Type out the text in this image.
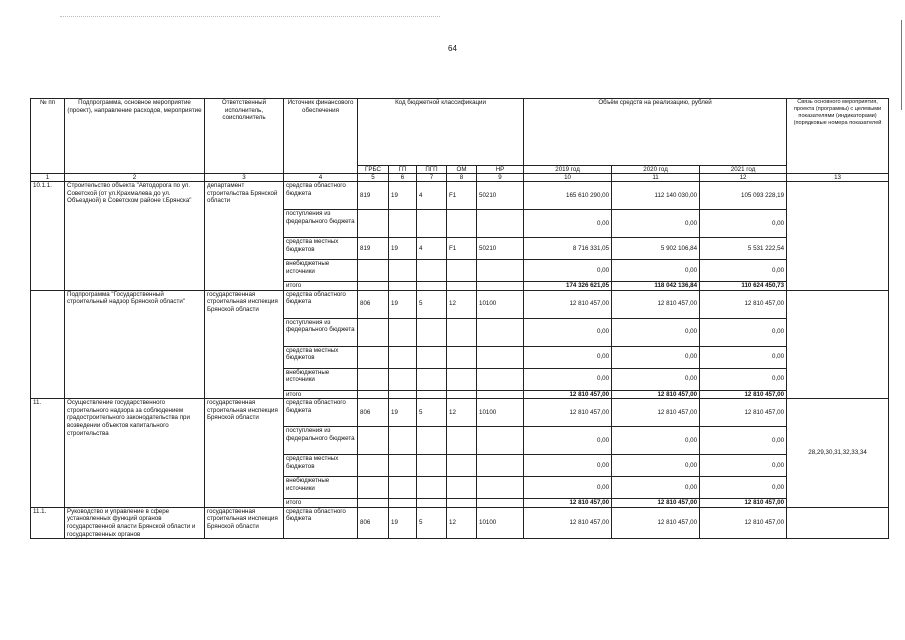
64
№ пп	Подпрограмма, основное мероприятие (проект), направление расходов, мероприятие	Ответственный исполнитель, соисполнитель	Источник финансового обеспечения	Код бюджетной классификации					Объём средств на реализацию, рублей			Связь основного мероприятия, проекта (программы) с целевыми показателями (индикаторами) (порядковые номера показателей
				ГРБС	ГП	ПГП	ОМ	НР	2019 год	2020 год	2021 год	
1	2	3	4	5	6	7	8	9	10	11	12	13
10.1.1.	Строительство объекта "Автодорога по ул. Советской (от ул.Крахмалева до ул. Объездной) в Советском районе г.Брянска"	департамент строительства Брянской области	средства областного бюджета	819	19	4	F1	50210	165 610 290,00	112 140 030,00	105 093 228,19	
			поступления из федерального бюджета						0,00	0,00	0,00	
			средства местных бюджетов	819	19	4	F1	50210	8 716 331,05	5 902 106,84	5 531 222,54	
			внебюджетные источники						0,00	0,00	0,00	
			итого						174 326 621,05	118 042 136,84	110 624 450,73	
	Подпрограмма "Государственный строительный надзор Брянской области"	государственная строительная инспекция Брянской области	средства областного бюджета	806	19	5	12	10100	12 810 457,00	12 810 457,00	12 810 457,00	
			поступления из федерального бюджета						0,00	0,00	0,00	
			средства местных бюджетов						0,00	0,00	0,00	
			внебюджетные источники						0,00	0,00	0,00	
			итого						12 810 457,00	12 810 457,00	12 810 457,00	
11.	Осуществление государственного строительного надзора за соблюдением градостроительного законодательства при возведении объектов капитального строительства	государственная строительная инспекция Брянской области	средства областного бюджета	806	19	5	12	10100	12 810 457,00	12 810 457,00	12 810 457,00	28,29,30,31,32,33,34
			поступления из федерального бюджета						0,00	0,00	0,00	
			средства местных бюджетов						0,00	0,00	0,00	
			внебюджетные источники						0,00	0,00	0,00	
			итого						12 810 457,00	12 810 457,00	12 810 457,00	
11.1.	Руководство и управление в сфере установленных функций органов государственной власти Брянской области и государственных органов	государственная строительная инспекция Брянской области	средства областного бюджета	806	19	5	12	10100	12 810 457,00	12 810 457,00	12 810 457,00	
